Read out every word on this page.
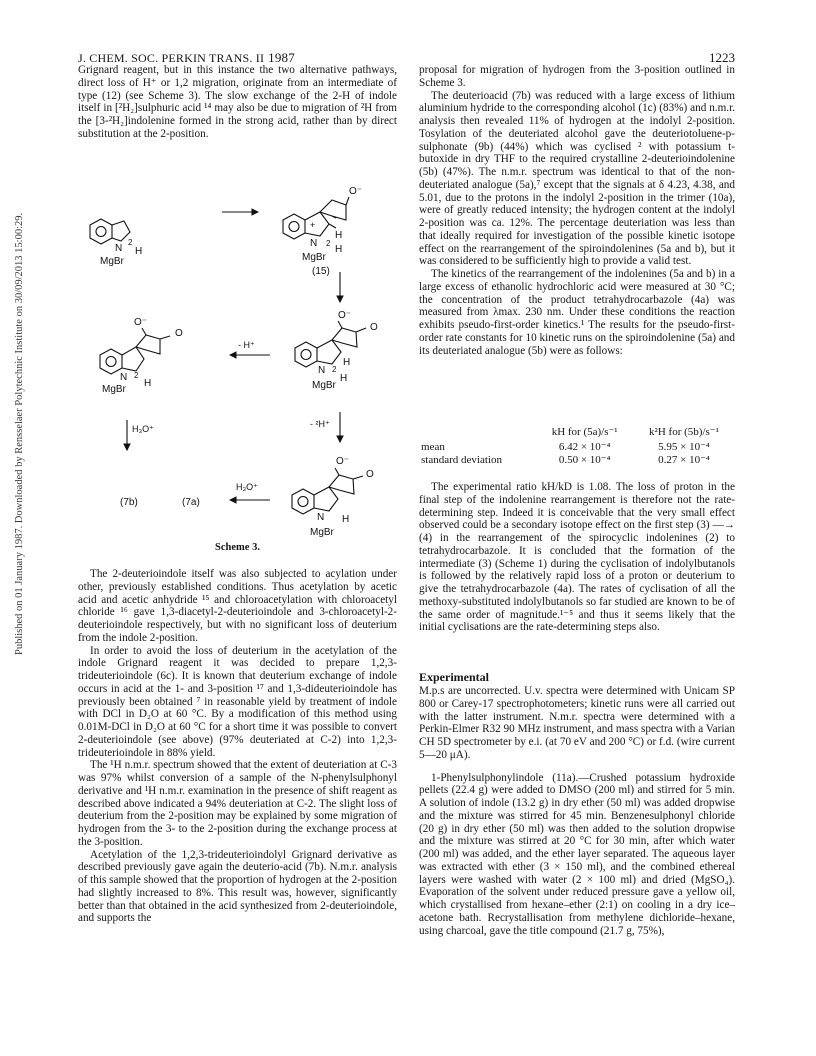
J. CHEM. SOC. PERKIN TRANS. II 1987	1223
Published on 01 January 1987. Downloaded by Rensselaer Polytechnic Institute on 30/09/2013 15:00:29.

Grignard reagent, but in this instance the two alternative pathways, direct loss of H⁺ or 1,2 migration, originate from an intermediate of type (12) (see Scheme 3). The slow exchange of the 2-H of indole itself in [²H₂]sulphuric acid ¹⁴ may also be due to migration of ²H from the [3-²H₂]indolenine formed in the strong acid, rather than by direct substitution at the 2-position.

N
2
H
MgBr
O⁻
+
N 2
H
H
MgBr
(15)
O⁻
O
N 2
H
H
MgBr
- H⁺
O⁻
O
N 2
H
MgBr
H₃O⁺	- ²H⁺
O⁻
O
N H
MgBr
H₃O⁺
(7b)	(7a)
Scheme 3.

The 2-deuterioindole itself was also subjected to acylation under other, previously established conditions. Thus acetylation by acetic acid and acetic anhydride ¹⁵ and chloroacetylation with chloroacetyl chloride ¹⁶ gave 1,3-diacetyl-2-deuterioindole and 3-chloroacetyl-2-deuterioindole respectively, but with no significant loss of deuterium from the indole 2-position.

In order to avoid the loss of deuterium in the acetylation of the indole Grignard reagent it was decided to prepare 1,2,3-trideuterioindole (6c). It is known that deuterium exchange of indole occurs in acid at the 1- and 3-position ¹⁷ and 1,3-dideuterioindole has previously been obtained ⁷ in reasonable yield by treatment of indole with DCl in D₂O at 60 °C. By a modification of this method using 0.01M-DCl in D₂O at 60 °C for a short time it was possible to convert 2-deuterioindole (see above) (97% deuteriated at C-2) into 1,2,3-trideuterioindole in 88% yield.

The ¹H n.m.r. spectrum showed that the extent of deuteriation at C-3 was 97% whilst conversion of a sample of the N-phenylsulphonyl derivative and ¹H n.m.r. examination in the presence of shift reagent as described above indicated a 94% deuteriation at C-2. The slight loss of deuterium from the 2-position may be explained by some migration of hydrogen from the 3- to the 2-position during the exchange process at the 3-position.

Acetylation of the 1,2,3-trideuterioindolyl Grignard derivative as described previously gave again the deuterio-acid (7b). N.m.r. analysis of this sample showed that the proportion of hydrogen at the 2-position had slightly increased to 8%. This result was, however, significantly better than that obtained in the acid synthesized from 2-deuterioindole, and supports the

proposal for migration of hydrogen from the 3-position outlined in Scheme 3.

The deuterioacid (7b) was reduced with a large excess of lithium aluminium hydride to the corresponding alcohol (1c) (83%) and n.m.r. analysis then revealed 11% of hydrogen at the indolyl 2-position. Tosylation of the deuteriated alcohol gave the deuteriotoluene-p-sulphonate (9b) (44%) which was cyclised ² with potassium t-butoxide in dry THF to the required crystalline 2-deuterioindolenine (5b) (47%). The n.m.r. spectrum was identical to that of the non-deuteriated analogue (5a),⁷ except that the signals at δ 4.23, 4.38, and 5.01, due to the protons in the indolyl 2-position in the trimer (10a), were of greatly reduced intensity; the hydrogen content at the indolyl 2-position was ca. 12%. The percentage deuteriation was less than that ideally required for investigation of the possible kinetic isotope effect on the rearrangement of the spiroindolenines (5a and b), but it was considered to be sufficiently high to provide a valid test.

The kinetics of the rearrangement of the indolenines (5a and b) in a large excess of ethanolic hydrochloric acid were measured at 30 °C; the concentration of the product tetrahydrocarbazole (4a) was measured from λmax. 230 nm. Under these conditions the reaction exhibits pseudo-first-order kinetics.¹ The results for the pseudo-first-order rate constants for 10 kinetic runs on the spiroindolenine (5a) and its deuteriated analogue (5b) were as follows:

	kH for (5a)/s⁻¹	k²H for (5b)/s⁻¹
mean	6.42 × 10⁻⁴	5.95 × 10⁻⁴
standard deviation	0.50 × 10⁻⁴	0.27 × 10⁻⁴

The experimental ratio kH/kD is 1.08. The loss of proton in the final step of the indolenine rearrangement is therefore not the rate-determining step. Indeed it is conceivable that the very small effect observed could be a secondary isotope effect on the first step (3) —→ (4) in the rearrangement of the spirocyclic indolenines (2) to tetrahydrocarbazole. It is concluded that the formation of the intermediate (3) (Scheme 1) during the cyclisation of indolylbutanols is followed by the relatively rapid loss of a proton or deuterium to give the tetrahydrocarbazole (4a). The rates of cyclisation of all the methoxy-substituted indolylbutanols so far studied are known to be of the same order of magnitude.¹⁻⁵ and thus it seems likely that the initial cyclisations are the rate-determining steps also.

Experimental

M.p.s are uncorrected. U.v. spectra were determined with Unicam SP 800 or Carey-17 spectrophotometers; kinetic runs were all carried out with the latter instrument. N.m.r. spectra were determined with a Perkin-Elmer R32 90 MHz instrument, and mass spectra with a Varian CH 5D spectrometer by e.i. (at 70 eV and 200 °C) or f.d. (wire current 5—20 μA).

1-Phenylsulphonylindole (11a).—Crushed potassium hydroxide pellets (22.4 g) were added to DMSO (200 ml) and stirred for 5 min. A solution of indole (13.2 g) in dry ether (50 ml) was added dropwise and the mixture was stirred for 45 min. Benzenesulphonyl chloride (20 g) in dry ether (50 ml) was then added to the solution dropwise and the mixture was stirred at 20 °C for 30 min, after which water (200 ml) was added, and the ether layer separated. The aqueous layer was extracted with ether (3 × 150 ml), and the combined ethereal layers were washed with water (2 × 100 ml) and dried (MgSO₄). Evaporation of the solvent under reduced pressure gave a yellow oil, which crystallised from hexane–ether (2:1) on cooling in a dry ice–acetone bath. Recrystallisation from methylene dichloride–hexane, using charcoal, gave the title compound (21.7 g, 75%),
